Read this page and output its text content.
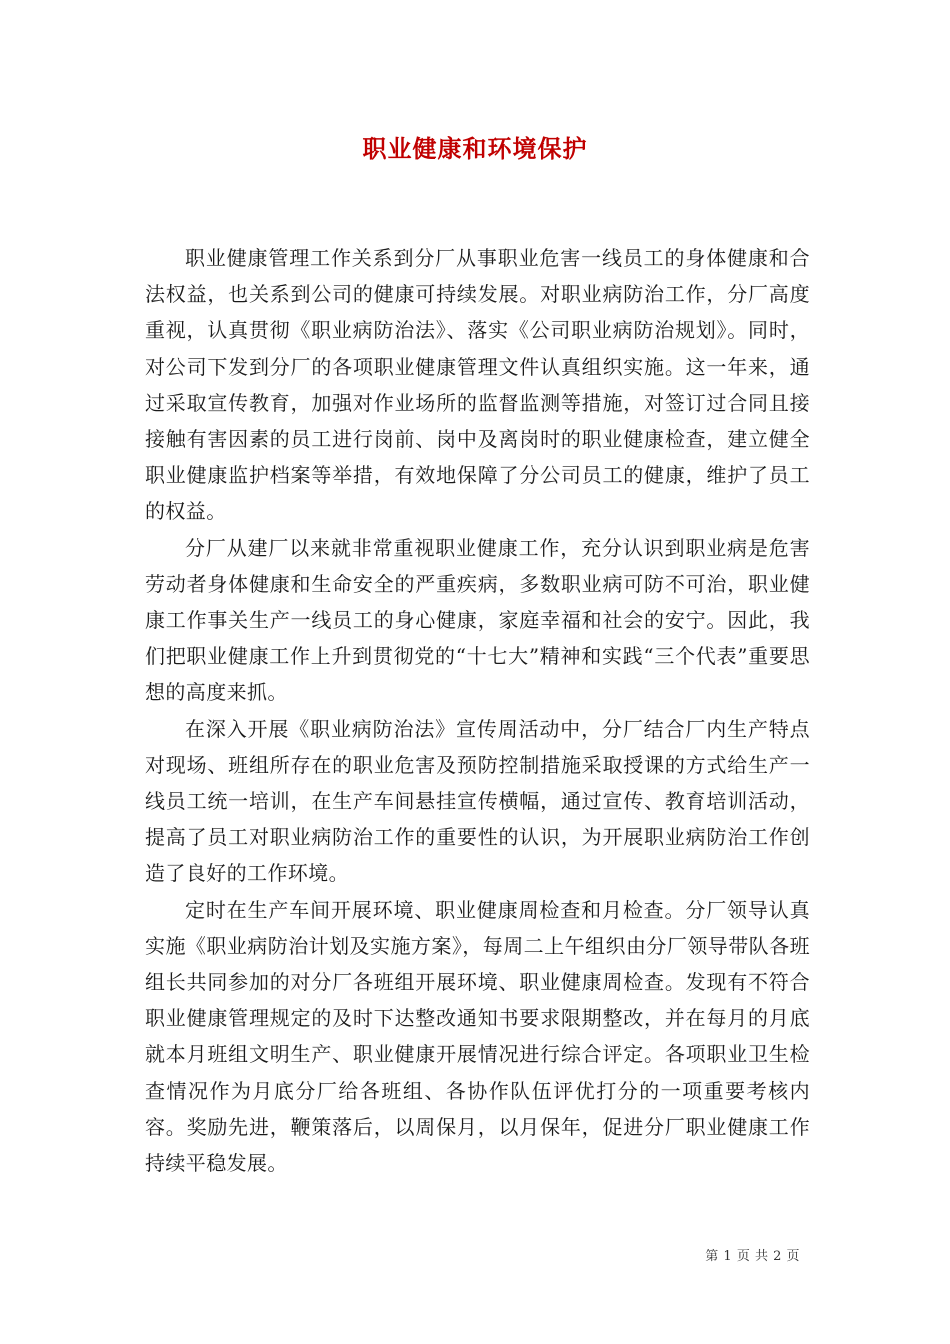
职业健康和环境保护

职业健康管理工作关系到分厂从事职业危害一线员工的身体健康和合法权益，也关系到公司的健康可持续发展。对职业病防治工作，分厂高度重视，认真贯彻《职业病防治法》、落实《公司职业病防治规划》。同时，对公司下发到分厂的各项职业健康管理文件认真组织实施。这一年来，通过采取宣传教育，加强对作业场所的监督监测等措施，对签订过合同且接接触有害因素的员工进行岗前、岗中及离岗时的职业健康检查，建立健全职业健康监护档案等举措，有效地保障了分公司员工的健康，维护了员工的权益。

分厂从建厂以来就非常重视职业健康工作，充分认识到职业病是危害劳动者身体健康和生命安全的严重疾病，多数职业病可防不可治，职业健康工作事关生产一线员工的身心健康，家庭幸福和社会的安宁。因此，我们把职业健康工作上升到贯彻党的“十七大”精神和实践“三个代表”重要思想的高度来抓。

在深入开展《职业病防治法》宣传周活动中，分厂结合厂内生产特点对现场、班组所存在的职业危害及预防控制措施采取授课的方式给生产一线员工统一培训，在生产车间悬挂宣传横幅，通过宣传、教育培训活动，提高了员工对职业病防治工作的重要性的认识，为开展职业病防治工作创造了良好的工作环境。

定时在生产车间开展环境、职业健康周检查和月检查。分厂领导认真实施《职业病防治计划及实施方案》，每周二上午组织由分厂领导带队各班组长共同参加的对分厂各班组开展环境、职业健康周检查。发现有不符合职业健康管理规定的及时下达整改通知书要求限期整改，并在每月的月底就本月班组文明生产、职业健康开展情况进行综合评定。各项职业卫生检查情况作为月底分厂给各班组、各协作队伍评优打分的一项重要考核内容。奖励先进，鞭策落后，以周保月，以月保年，促进分厂职业健康工作持续平稳发展。

第 1 页 共 2 页
